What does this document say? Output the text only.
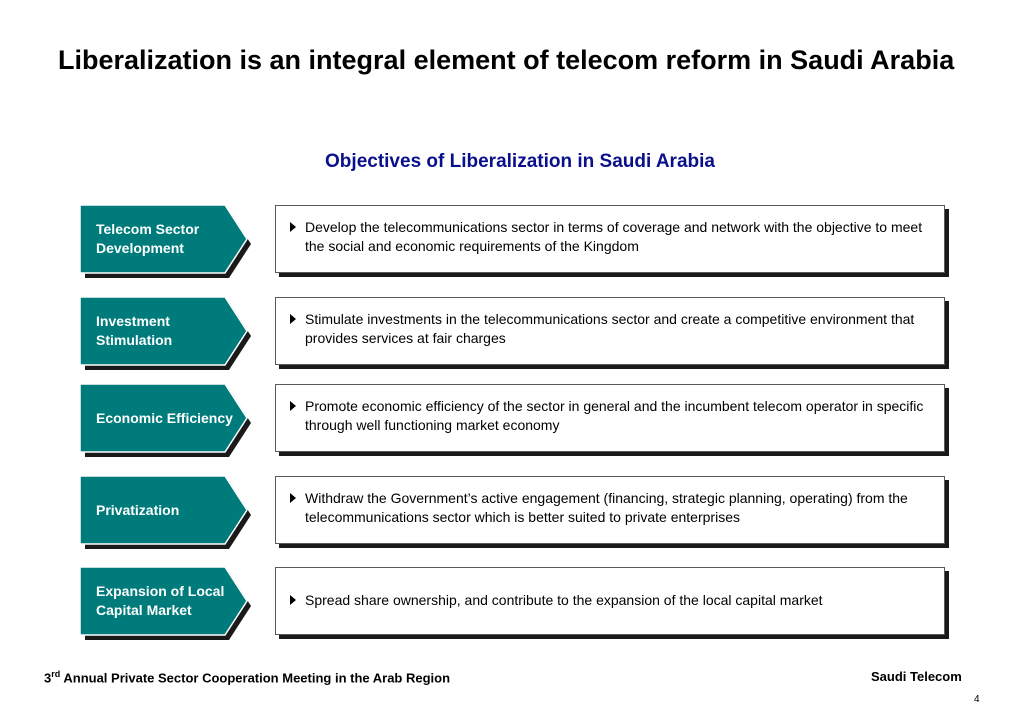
Liberalization is an integral element of telecom reform in Saudi Arabia
Objectives of Liberalization in Saudi Arabia
Telecom Sector Development
Develop the telecommunications sector in terms of coverage and network with the objective to meet the social and economic requirements of the Kingdom
Investment Stimulation
Stimulate investments in the telecommunications sector and create a competitive environment that provides services at fair charges
Economic Efficiency
Promote economic efficiency of the sector in general and the incumbent telecom operator in specific through well functioning market economy
Privatization
Withdraw the Government’s active engagement (financing, strategic planning, operating) from the telecommunications sector which is better suited to private enterprises
Expansion of Local Capital Market
Spread share ownership, and contribute to the expansion of the local capital market
3rd Annual Private Sector Cooperation Meeting in the Arab Region	Saudi Telecom
4
